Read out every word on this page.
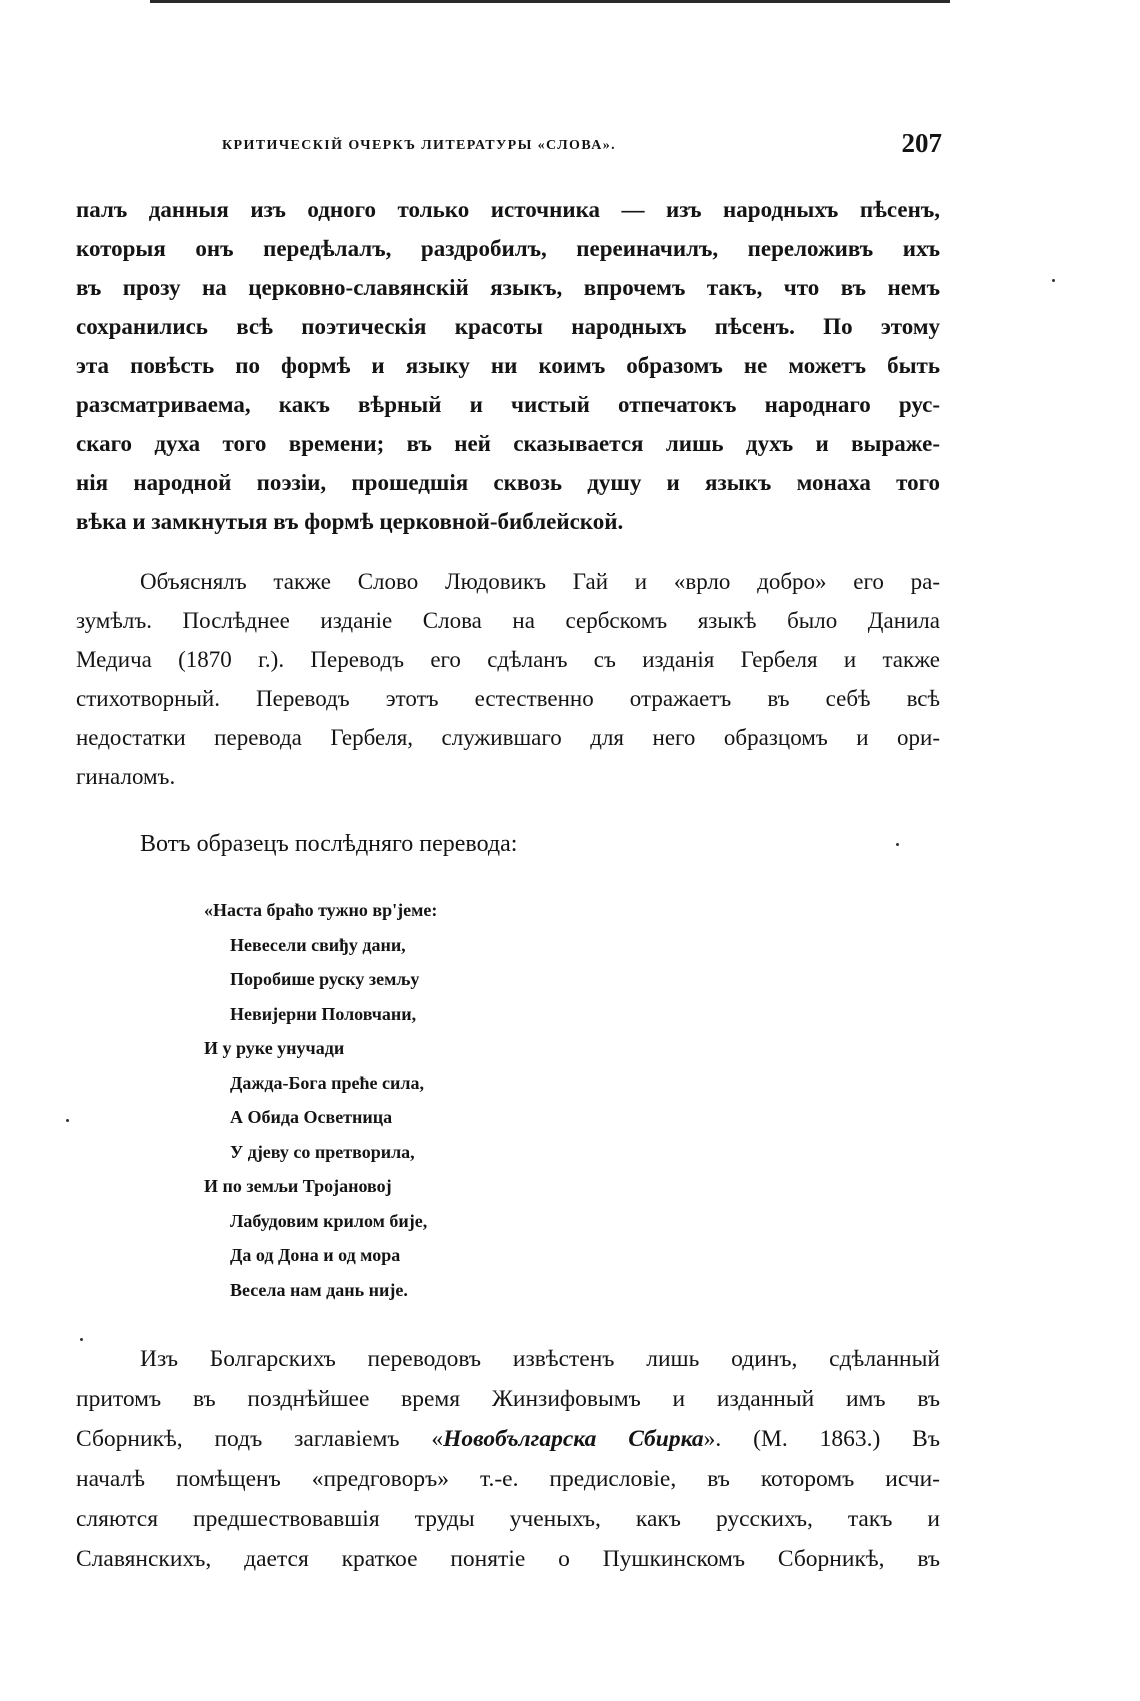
КРИТИЧЕСКІЙ ОЧЕРКЪ ЛИТЕРАТУРЫ «СЛОВА».	207
палъ данныя изъ одного только источника — изъ народныхъ пѣсенъ,
которыя онъ передѣлалъ, раздробилъ, переиначилъ, переложивъ ихъ
въ прозу на церковно-славянскій языкъ, впрочемъ такъ, что въ немъ
сохранились всѣ поэтическія красоты народныхъ пѣсенъ. По этому
эта повѣсть по формѣ и языку ни коимъ образомъ не можетъ быть
разсматриваема, какъ вѣрный и чистый отпечатокъ народнаго рус-
скаго духа того времени; въ ней сказывается лишь духъ и выраже-
нія народной поэзіи, прошедшія сквозь душу и языкъ монаха того
вѣка и замкнутыя въ формѣ церковной-библейской.
Объяснялъ также Слово Людовикъ Гай и «врло добро» его ра-
зумѣлъ. Послѣднее изданіе Слова на сербскомъ языкѣ было Данила
Медича (1870 г.). Переводъ его сдѣланъ съ изданія Гербеля и также
стихотворный. Переводъ этотъ естественно отражаетъ въ себѣ всѣ
недостатки перевода Гербеля, служившаго для него образцомъ и ори-
гиналомъ.
Вотъ образецъ послѣдняго перевода:
«Наста браћо тужно вр'јеме:
Невесели свиђу дани,
Поробише руску земљу
Невијерни Половчани,
И у руке унучади
Дажда-Бога преће сила,
А Обида Осветница
У дјеву со претворила,
И по земљи Трojановој
Лабудовим крилом бије,
Да од Дона и од мора
Весела нам дань није.
Изъ Болгарскихъ переводовъ извѣстенъ лишь одинъ, сдѣланный
притомъ въ позднѣйшее время Жинзифовымъ и изданный имъ въ
Сборникѣ, подъ заглавіемъ «Новобългарска Сбирка». (М. 1863.) Въ
началѣ помѣщенъ «предговоръ» т.-е. предисловіе, въ которомъ исчи-
сляются предшествовавшія труды ученыхъ, какъ русскихъ, такъ и
Славянскихъ, дается краткое понятіе о Пушкинскомъ Сборникѣ, въ
